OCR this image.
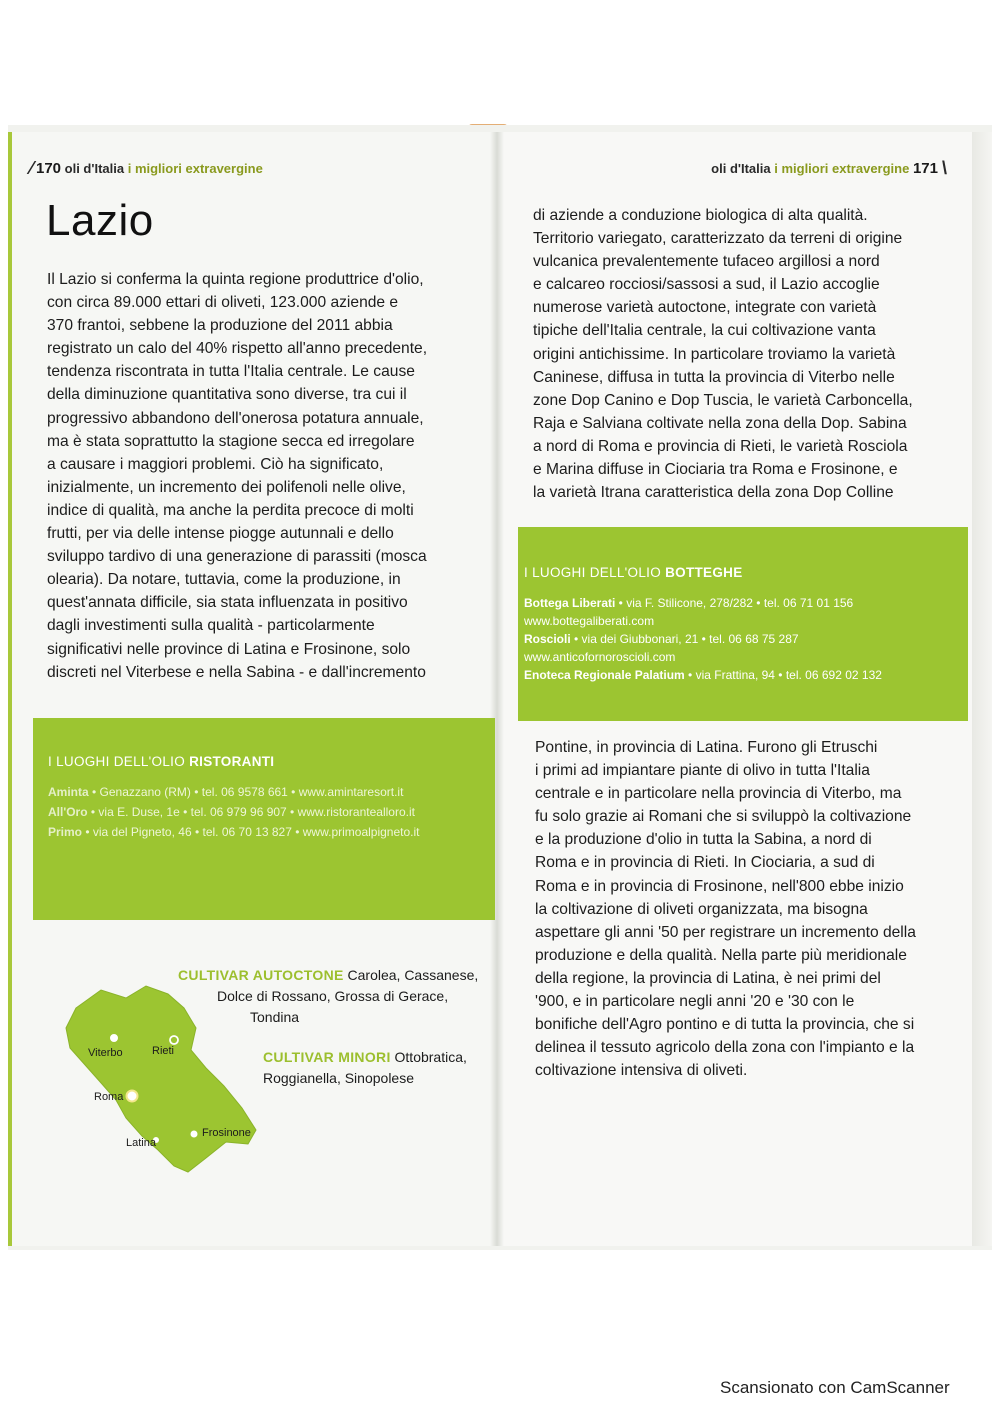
⁄ 170 oli d'Italia i migliori extravergine	oli d'Italia i migliori extravergine 171 \
Lazio
Il Lazio si conferma la quinta regione produttrice d'olio,
con circa 89.000 ettari di oliveti, 123.000 aziende e
370 frantoi, sebbene la produzione del 2011 abbia
registrato un calo del 40% rispetto all'anno precedente,
tendenza riscontrata in tutta l'Italia centrale. Le cause
della diminuzione quantitativa sono diverse, tra cui il
progressivo abbandono dell'onerosa potatura annuale,
ma è stata soprattutto la stagione secca ed irregolare
a causare i maggiori problemi. Ciò ha significato,
inizialmente, un incremento dei polifenoli nelle olive,
indice di qualità, ma anche la perdita precoce di molti
frutti, per via delle intense piogge autunnali e dello
sviluppo tardivo di una generazione di parassiti (mosca
olearia). Da notare, tuttavia, come la produzione, in
quest'annata difficile, sia stata influenzata in positivo
dagli investimenti sulla qualità - particolarmente
significativi nelle province di Latina e Frosinone, solo
discreti nel Viterbese e nella Sabina - e dall'incremento
di aziende a conduzione biologica di alta qualità.
Territorio variegato, caratterizzato da terreni di origine
vulcanica prevalentemente tufaceo argillosi a nord
e calcareo rocciosi/sassosi a sud, il Lazio accoglie
numerose varietà autoctone, integrate con varietà
tipiche dell'Italia centrale, la cui coltivazione vanta
origini antichissime. In particolare troviamo la varietà
Caninese, diffusa in tutta la provincia di Viterbo nelle
zone Dop Canino e Dop Tuscia, le varietà Carboncella,
Raja e Salviana coltivate nella zona della Dop. Sabina
a nord di Roma e provincia di Rieti, le varietà Rosciola
e Marina diffuse in Ciociaria tra Roma e Frosinone, e
la varietà Itrana caratteristica della zona Dop Colline
Pontine, in provincia di Latina. Furono gli Etruschi
i primi ad impiantare piante di olivo in tutta l'Italia
centrale e in particolare nella provincia di Viterbo, ma
fu solo grazie ai Romani che si sviluppò la coltivazione
e la produzione d'olio in tutta la Sabina, a nord di
Roma e in provincia di Rieti. In Ciociaria, a sud di
Roma e in provincia di Frosinone, nell'800 ebbe inizio
la coltivazione di oliveti organizzata, ma bisogna
aspettare gli anni '50 per registrare un incremento della
produzione e della qualità. Nella parte più meridionale
della regione, la provincia di Latina, è nei primi del
'900, e in particolare negli anni '20 e '30 con le
bonifiche dell'Agro pontino e di tutta la provincia, che si
delinea il tessuto agricolo della zona con l'impianto e la
coltivazione intensiva di oliveti.
I LUOGHI DELL'OLIO RISTORANTI
Aminta • Genazzano (RM) • tel. 06 9578 661 • www.amintaresort.it
All'Oro • via E. Duse, 1e • tel. 06 979 96 907 • www.ristorantealloro.it
Primo • via del Pigneto, 46 • tel. 06 70 13 827 • www.primoalpigneto.it
I LUOGHI DELL'OLIO BOTTEGHE
Bottega Liberati • via F. Stilicone, 278/282 • tel. 06 71 01 156
www.bottegaliberati.com
Roscioli • via dei Giubbonari, 21 • tel. 06 68 75 287
www.anticofornoroscioli.com
Enoteca Regionale Palatium • via Frattina, 94 • tel. 06 692 02 132
CULTIVAR AUTOCTONE Carolea, Cassanese,
Dolce di Rossano, Grossa di Gerace,
Tondina
CULTIVAR MINORI Ottobratica,
Roggianella, Sinopolese
Viterbo	Rieti
Roma
Latina
Frosinone
Scansionato con CamScanner
